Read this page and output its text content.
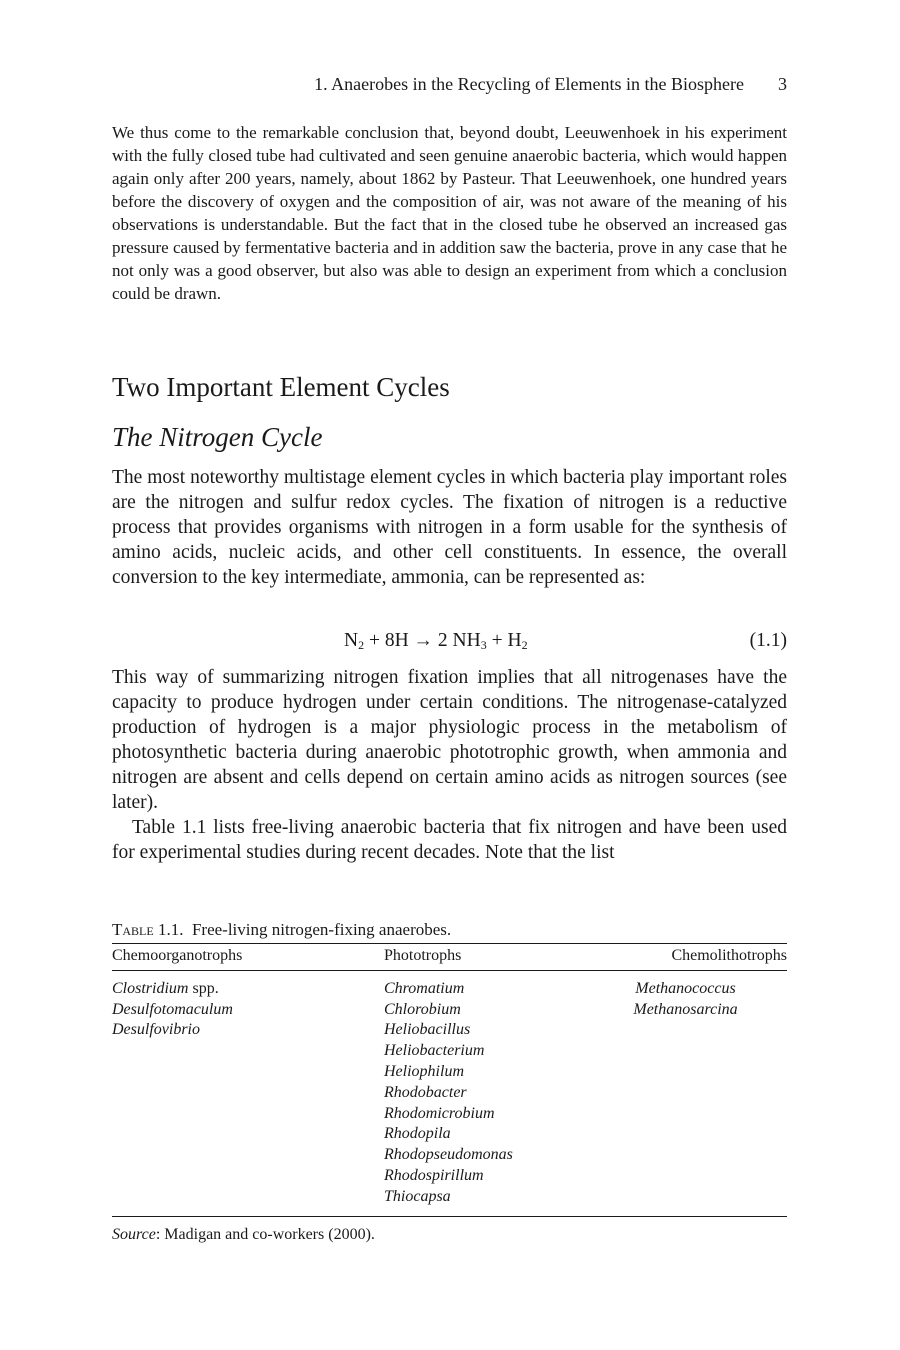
1. Anaerobes in the Recycling of Elements in the Biosphere 3

We thus come to the remarkable conclusion that, beyond doubt, Leeuwenhoek in his experiment with the fully closed tube had cultivated and seen genuine anaerobic bacteria, which would happen again only after 200 years, namely, about 1862 by Pasteur. That Leeuwenhoek, one hundred years before the discovery of oxygen and the composition of air, was not aware of the meaning of his observations is understandable. But the fact that in the closed tube he observed an increased gas pressure caused by fermentative bacteria and in addition saw the bacteria, prove in any case that he not only was a good observer, but also was able to design an experiment from which a conclusion could be drawn.

Two Important Element Cycles
The Nitrogen Cycle

The most noteworthy multistage element cycles in which bacteria play important roles are the nitrogen and sulfur redox cycles. The fixation of nitrogen is a reductive process that provides organisms with nitrogen in a form usable for the synthesis of amino acids, nucleic acids, and other cell constituents. In essence, the overall conversion to the key intermediate, ammonia, can be represented as:

$N_2 + 8H \to 2$ $NH_3 + H_2$	(1.1)

This way of summarizing nitrogen fixation implies that all nitrogenases have the capacity to produce hydrogen under certain conditions. The nitrogenase-catalyzed production of hydrogen is a major physiologic process in the metabolism of photosynthetic bacteria during anaerobic phototrophic growth, when ammonia and nitrogen are absent and cells depend on certain amino acids as nitrogen sources (see later).

Table 1.1 lists free-living anaerobic bacteria that fix nitrogen and have been used for experimental studies during recent decades. Note that the list

Table 1.1. Free-living nitrogen-fixing anaerobes.

Chemoorganotrophs	Phototrophs	Chemolithotrophs
Clostridium spp.	Chromatium	Methanococcus
Desulfotomaculum	Chlorobium	Methanosarcina
Desulfovibrio	Heliobacillus	
	Heliobacterium	
	Heliophilum	
	Rhodobacter	
	Rhodomicrobium	
	Rhodopila	
	Rhodopseudomonas	
	Rhodospirillum	
	Thiocapsa	

Source: Madigan and co-workers (2000).
